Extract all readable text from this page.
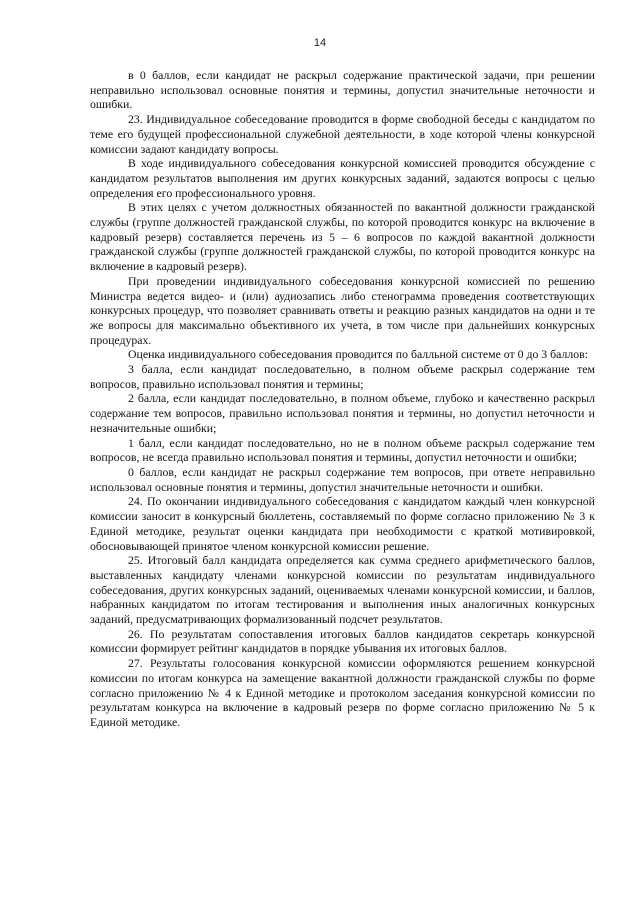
14

в 0 баллов, если кандидат не раскрыл содержание практической задачи, при решении неправильно использовал основные понятия и термины, допустил значительные неточности и ошибки.

23. Индивидуальное собеседование проводится в форме свободной беседы с кандидатом по теме его будущей профессиональной служебной деятельности, в ходе которой члены конкурсной комиссии задают кандидату вопросы.

В ходе индивидуального собеседования конкурсной комиссией проводится обсуждение с кандидатом результатов выполнения им других конкурсных заданий, задаются вопросы с целью определения его профессионального уровня.

В этих целях с учетом должностных обязанностей по вакантной должности гражданской службы (группе должностей гражданской службы, по которой проводится конкурс на включение в кадровый резерв) составляется перечень из 5 – 6 вопросов по каждой вакантной должности гражданской службы (группе должностей гражданской службы, по которой проводится конкурс на включение в кадровый резерв).

При проведении индивидуального собеседования конкурсной комиссией по решению Министра ведется видео- и (или) аудиозапись либо стенограмма проведения соответствующих конкурсных процедур, что позволяет сравнивать ответы и реакцию разных кандидатов на одни и те же вопросы для максимально объективного их учета, в том числе при дальнейших конкурсных процедурах.

Оценка индивидуального собеседования проводится по балльной системе от 0 до 3 баллов:

3 балла, если кандидат последовательно, в полном объеме раскрыл содержание тем вопросов, правильно использовал понятия и термины;

2 балла, если кандидат последовательно, в полном объеме, глубоко и качественно раскрыл содержание тем вопросов, правильно использовал понятия и термины, но допустил неточности и незначительные ошибки;

1 балл, если кандидат последовательно, но не в полном объеме раскрыл содержание тем вопросов, не всегда правильно использовал понятия и термины, допустил неточности и ошибки;

0 баллов, если кандидат не раскрыл содержание тем вопросов, при ответе неправильно использовал основные понятия и термины, допустил значительные неточности и ошибки.

24. По окончании индивидуального собеседования с кандидатом каждый член конкурсной комиссии заносит в конкурсный бюллетень, составляемый по форме согласно приложению № 3 к Единой методике, результат оценки кандидата при необходимости с краткой мотивировкой, обосновывающей принятое членом конкурсной комиссии решение.

25. Итоговый балл кандидата определяется как сумма среднего арифметического баллов, выставленных кандидату членами конкурсной комиссии по результатам индивидуального собеседования, других конкурсных заданий, оцениваемых членами конкурсной комиссии, и баллов, набранных кандидатом по итогам тестирования и выполнения иных аналогичных конкурсных заданий, предусматривающих формализованный подсчет результатов.

26. По результатам сопоставления итоговых баллов кандидатов секретарь конкурсной комиссии формирует рейтинг кандидатов в порядке убывания их итоговых баллов.

27. Результаты голосования конкурсной комиссии оформляются решением конкурсной комиссии по итогам конкурса на замещение вакантной должности гражданской службы по форме согласно приложению № 4 к Единой методике и протоколом заседания конкурсной комиссии по результатам конкурса на включение в кадровый резерв по форме согласно приложению № 5 к Единой методике.
